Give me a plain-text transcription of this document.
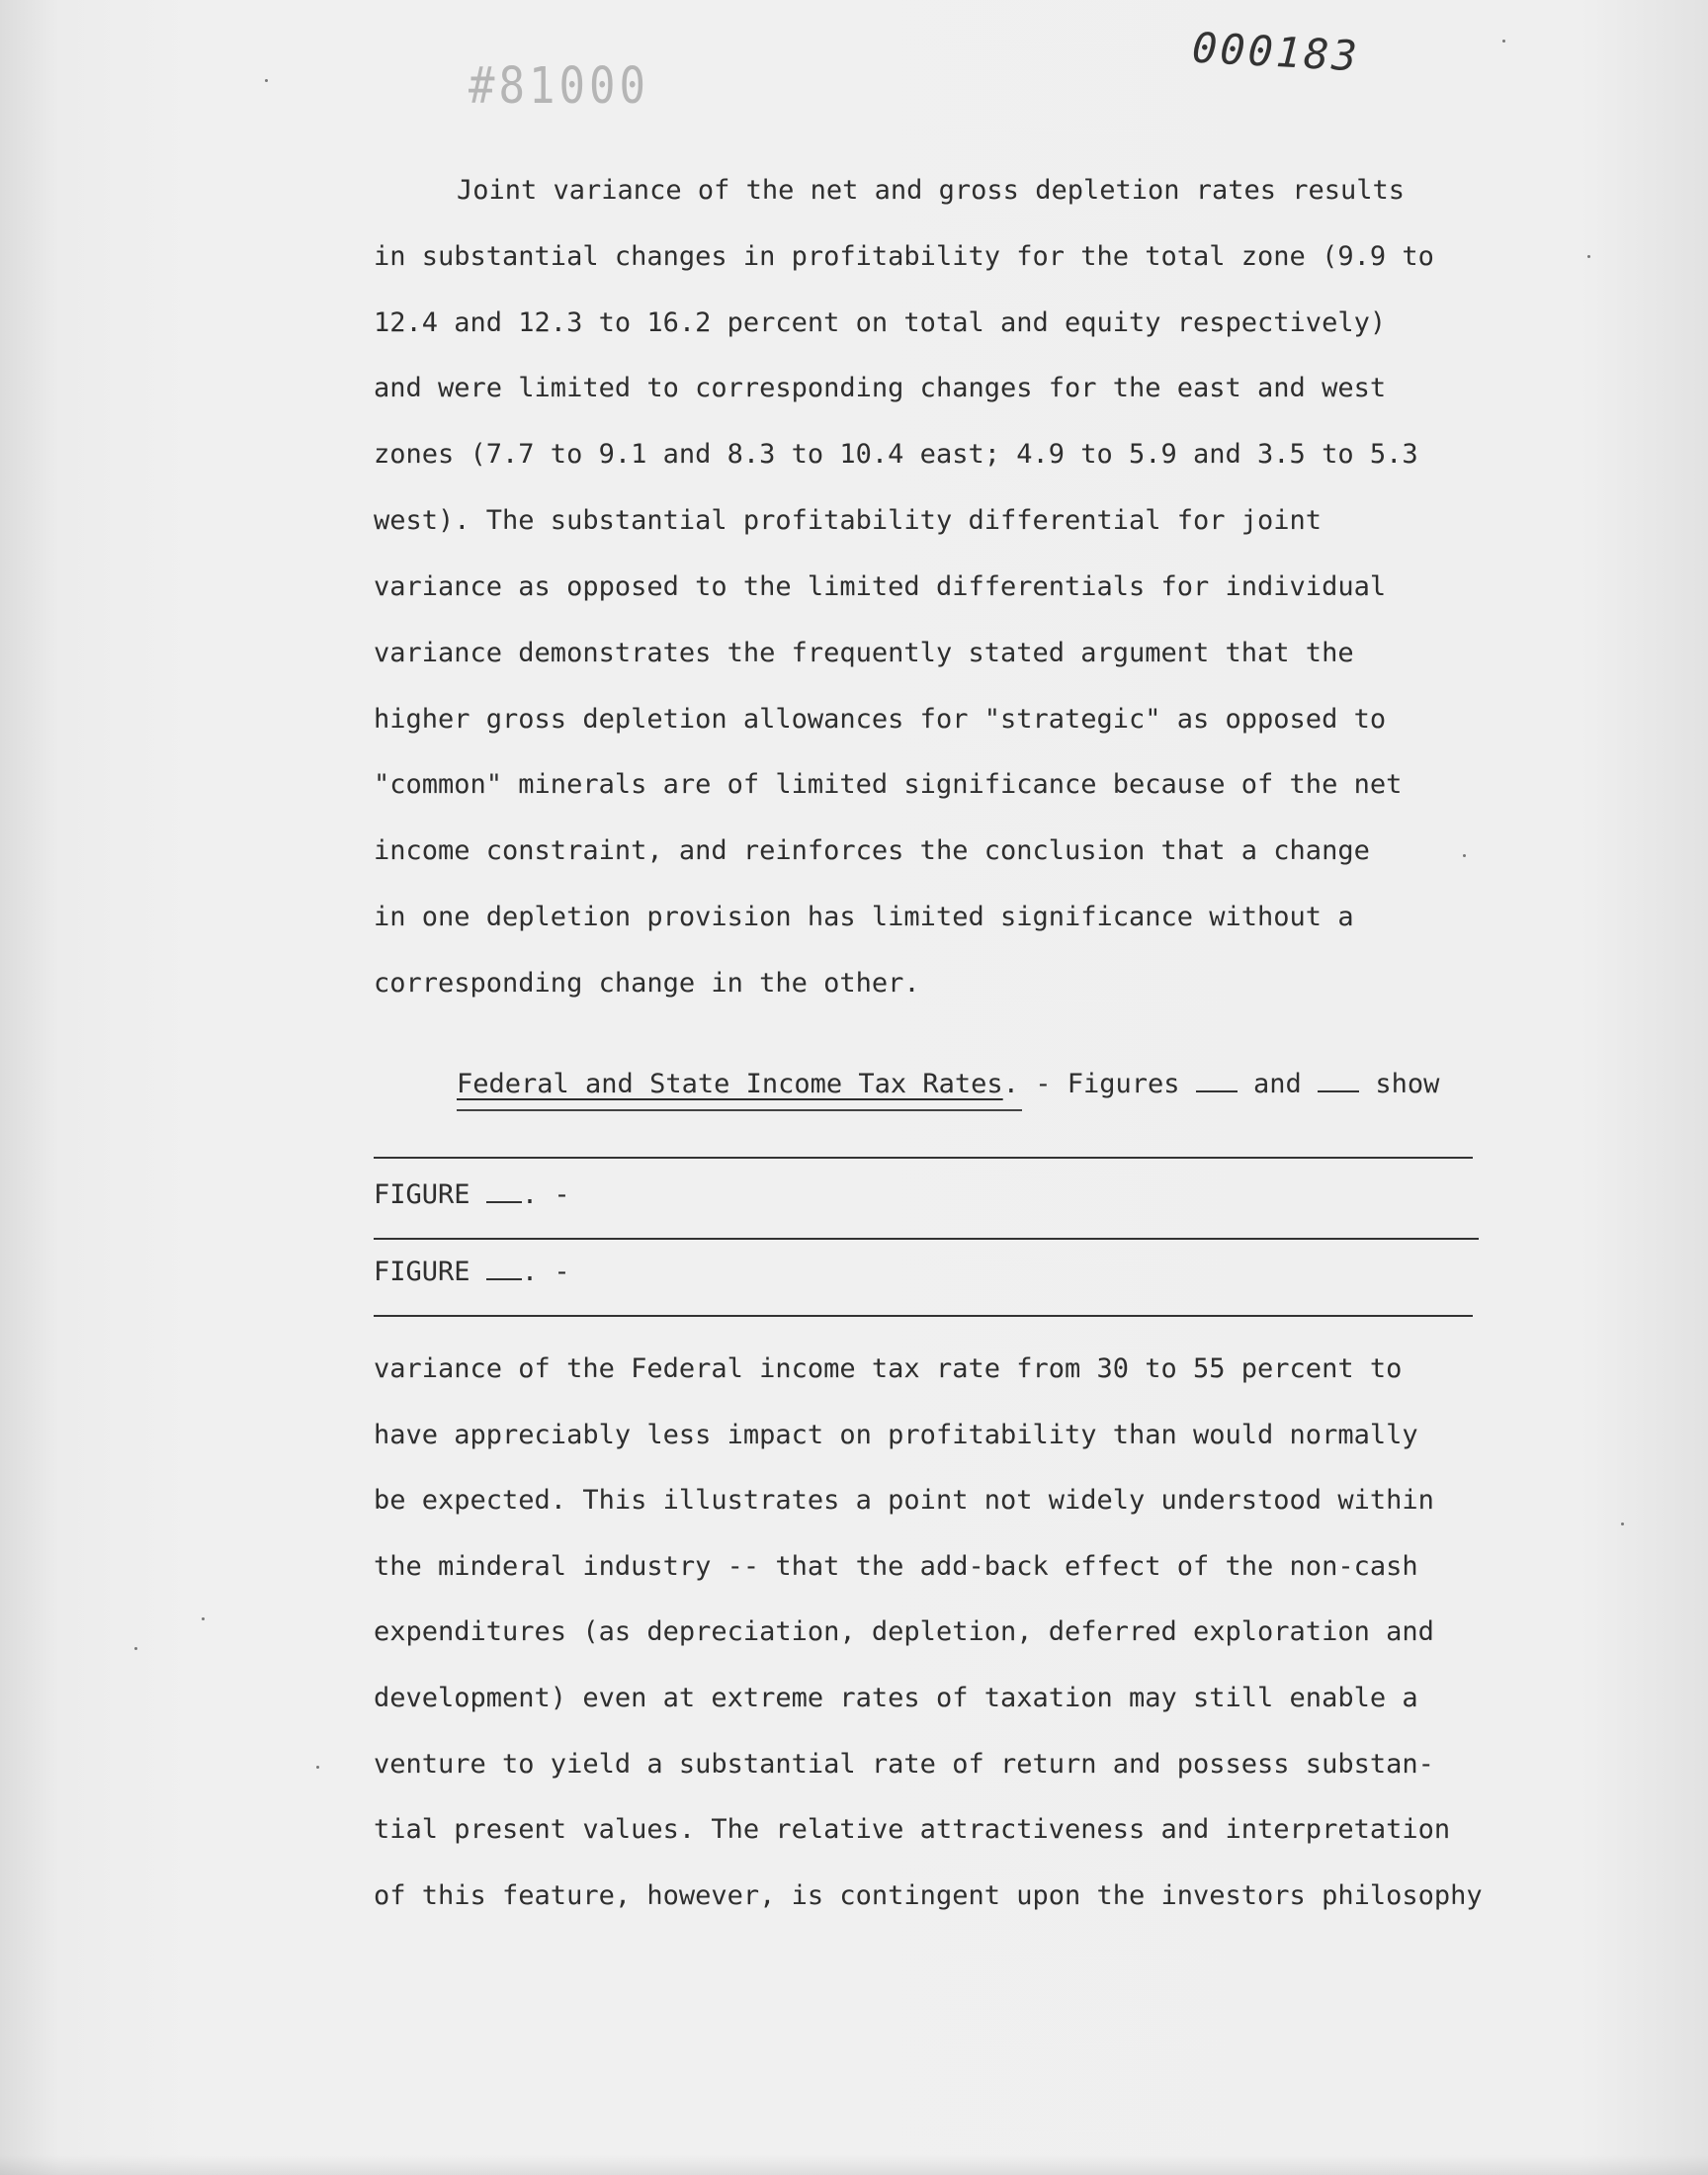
#81000
000183
Joint variance of the net and gross depletion rates results
in substantial changes in profitability for the total zone (9.9 to
12.4 and 12.3 to 16.2 percent on total and equity respectively)
and were limited to corresponding changes for the east and west
zones (7.7 to 9.1 and 8.3 to 10.4 east; 4.9 to 5.9 and 3.5 to 5.3
west). The substantial profitability differential for joint
variance as opposed to the limited differentials for individual
variance demonstrates the frequently stated argument that the
higher gross depletion allowances for "strategic" as opposed to
"common" minerals are of limited significance because of the net
income constraint, and reinforces the conclusion that a change
in one depletion provision has limited significance without a
corresponding change in the other.
Federal and State Income Tax Rates. - Figures	and	show
FIGURE . -
FIGURE . -
variance of the Federal income tax rate from 30 to 55 percent to
have appreciably less impact on profitability than would normally
be expected. This illustrates a point not widely understood within
the minderal industry -- that the add-back effect of the non-cash
expenditures (as depreciation, depletion, deferred exploration and
development) even at extreme rates of taxation may still enable a
venture to yield a substantial rate of return and possess substan-
tial present values. The relative attractiveness and interpretation
of this feature, however, is contingent upon the investors philosophy
